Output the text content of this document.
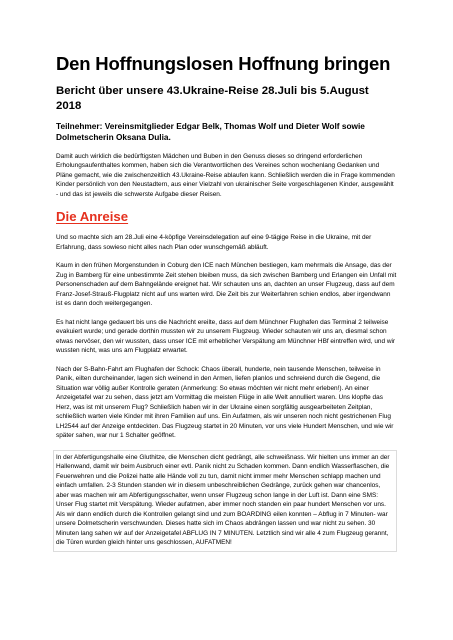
Den Hoffnungslosen Hoffnung bringen
Bericht über unsere 43.Ukraine-Reise 28.Juli bis 5.August 2018
Teilnehmer: Vereinsmitglieder Edgar Belk, Thomas Wolf und Dieter Wolf sowie Dolmetscherin Oksana Dulia.

Damit auch wirklich die bedürftigsten Mädchen und Buben in den Genuss dieses so dringend erforderlichen Erholungsaufenthaltes kommen, haben sich die Verantwortlichen des Vereines schon wochenlang Gedanken und Pläne gemacht, wie die zwischenzeitlich 43.Ukraine-Reise ablaufen kann. Schließlich werden die in Frage kommenden Kinder persönlich von den Neustadtern, aus einer Vielzahl von ukrainischer Seite vorgeschlagenen Kinder, ausgewählt - und das ist jeweils die schwerste Aufgabe dieser Reisen.

Die Anreise

Und so machte sich am 28.Juli eine 4-köpfige Vereinsdelegation auf eine 9-tägige Reise in die Ukraine, mit der Erfahrung, dass sowieso nicht alles nach Plan oder wunschgemäß abläuft.

Kaum in den frühen Morgenstunden in Coburg den ICE nach München bestiegen, kam mehrmals die Ansage, das der Zug in Bamberg für eine unbestimmte Zeit stehen bleiben muss, da sich zwischen Bamberg und Erlangen ein Unfall mit Personenschaden auf dem Bahngelände ereignet hat. Wir schauten uns an, dachten an unser Flugzeug, dass auf dem Franz-Josef-Strauß-Flugplatz nicht auf uns warten wird. Die Zeit bis zur Weiterfahren schien endlos, aber irgendwann ist es dann doch weitergegangen.

Es hat nicht lange gedauert bis uns die Nachricht ereilte, dass auf dem Münchner Flughafen das Terminal 2 teilweise evakuiert wurde; und gerade dorthin mussten wir zu unserem Flugzeug. Wieder schauten wir uns an, diesmal schon etwas nervöser, den wir wussten, dass unser ICE mit erheblicher Verspätung am Münchner HBf eintreffen wird, und wir wussten nicht, was uns am Flugplatz erwartet.

Nach der S-Bahn-Fahrt am Flughafen der Schock: Chaos überall, hunderte, nein tausende Menschen, teilweise in Panik, eilten durcheinander, lagen sich weinend in den Armen, liefen planlos und schreiend durch die Gegend, die Situation war völlig außer Kontrolle geraten (Anmerkung: So etwas möchten wir nicht mehr erleben!). An einer Anzeigetafel war zu sehen, dass jetzt am Vormittag die meisten Flüge in alle Welt annulliert waren. Uns klopfte das Herz, was ist mit unserem Flug? Schließlich haben wir in der Ukraine einen sorgfältig ausgearbeiteten Zeitplan, schließlich warten viele Kinder mit ihren Familien auf uns. Ein Aufatmen, als wir unseren noch nicht gestrichenen Flug LH2544 auf der Anzeige entdeckten. Das Flugzeug startet in 20 Minuten, vor uns viele Hundert Menschen, und wie wir später sahen, war nur 1 Schalter geöffnet.

In der Abfertigungshalle eine Gluthitze, die Menschen dicht gedrängt, alle schweißnass. Wir hielten uns immer an der Hallenwand, damit wir beim Ausbruch einer evtl. Panik nicht zu Schaden kommen. Dann endlich Wasserflaschen, die Feuerwehren und die Polizei hatte alle Hände voll zu tun, damit nicht immer mehr Menschen schlapp machen und einfach umfallen. 2-3 Stunden standen wir in diesem unbeschreiblichen Gedränge, zurück gehen war chancenlos, aber was machen wir am Abfertigungsschalter, wenn unser Flugzeug schon lange in der Luft ist. Dann eine SMS: Unser Flug startet mit Verspätung. Wieder aufatmen, aber immer noch standen ein paar hundert Menschen vor uns. Als wir dann endlich durch die Kontrollen gelangt sind und zum BOARDING eilen konnten – Abflug in 7 Minuten- war unsere Dolmetscherin verschwunden. Dieses hatte sich im Chaos abdrängen lassen und war nicht zu sehen. 30 Minuten lang sahen wir auf der Anzeigetafel ABFLUG IN 7 MINUTEN. Letztlich sind wir alle 4 zum Flugzeug gerannt, die Türen wurden gleich hinter uns geschlossen, AUFATMEN!
